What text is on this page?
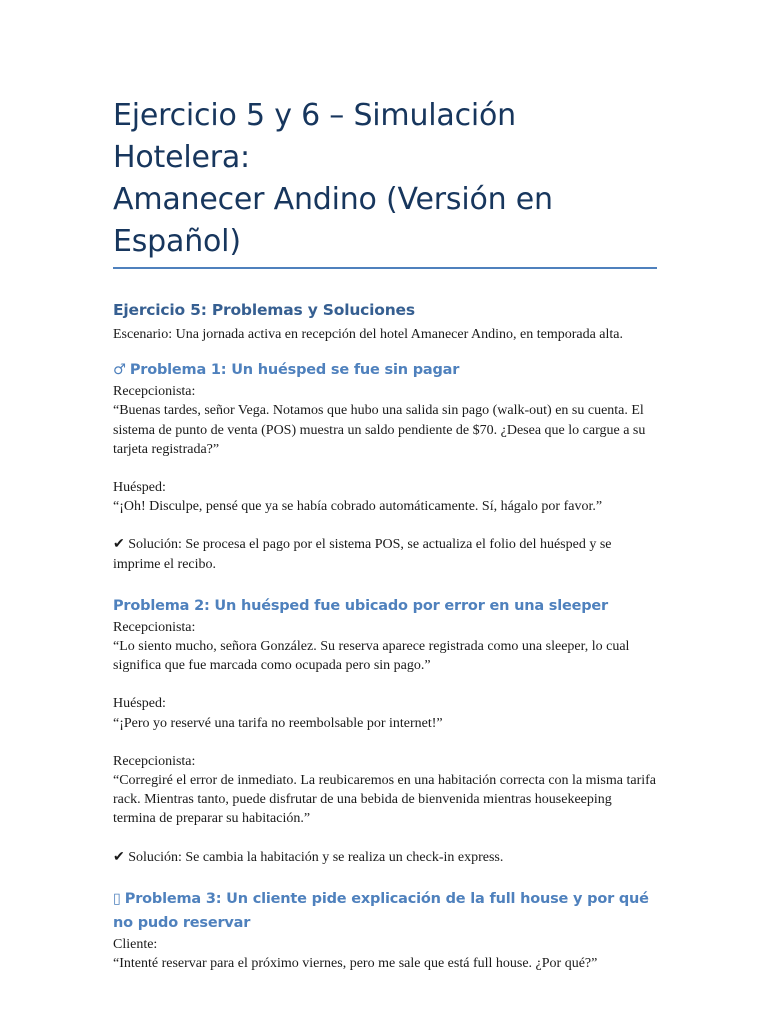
Ejercicio 5 y 6 – Simulación Hotelera:
Amanecer Andino (Versión en Español)
Ejercicio 5: Problemas y Soluciones

Escenario: Una jornada activa en recepción del hotel Amanecer Andino, en temporada alta.

♂ Problema 1: Un huésped se fue sin pagar

Recepcionista:

“Buenas tardes, señor Vega. Notamos que hubo una salida sin pago (walk-out) en su cuenta. El sistema de punto de venta (POS) muestra un saldo pendiente de $70. ¿Desea que lo cargue a su tarjeta registrada?”

Huésped:

“¡Oh! Disculpe, pensé que ya se había cobrado automáticamente. Sí, hágalo por favor.”

✔ Solución: Se procesa el pago por el sistema POS, se actualiza el folio del huésped y se imprime el recibo.

Problema 2: Un huésped fue ubicado por error en una sleeper

Recepcionista:

“Lo siento mucho, señora González. Su reserva aparece registrada como una sleeper, lo cual significa que fue marcada como ocupada pero sin pago.”

Huésped:

“¡Pero yo reservé una tarifa no reembolsable por internet!”

Recepcionista:

“Corregiré el error de inmediato. La reubicaremos en una habitación correcta con la misma tarifa rack. Mientras tanto, puede disfrutar de una bebida de bienvenida mientras housekeeping termina de preparar su habitación.”

✔ Solución: Se cambia la habitación y se realiza un check-in express.

▯ Problema 3: Un cliente pide explicación de la full house y por qué no pudo reservar

Cliente:

“Intenté reservar para el próximo viernes, pero me sale que está full house. ¿Por qué?”
